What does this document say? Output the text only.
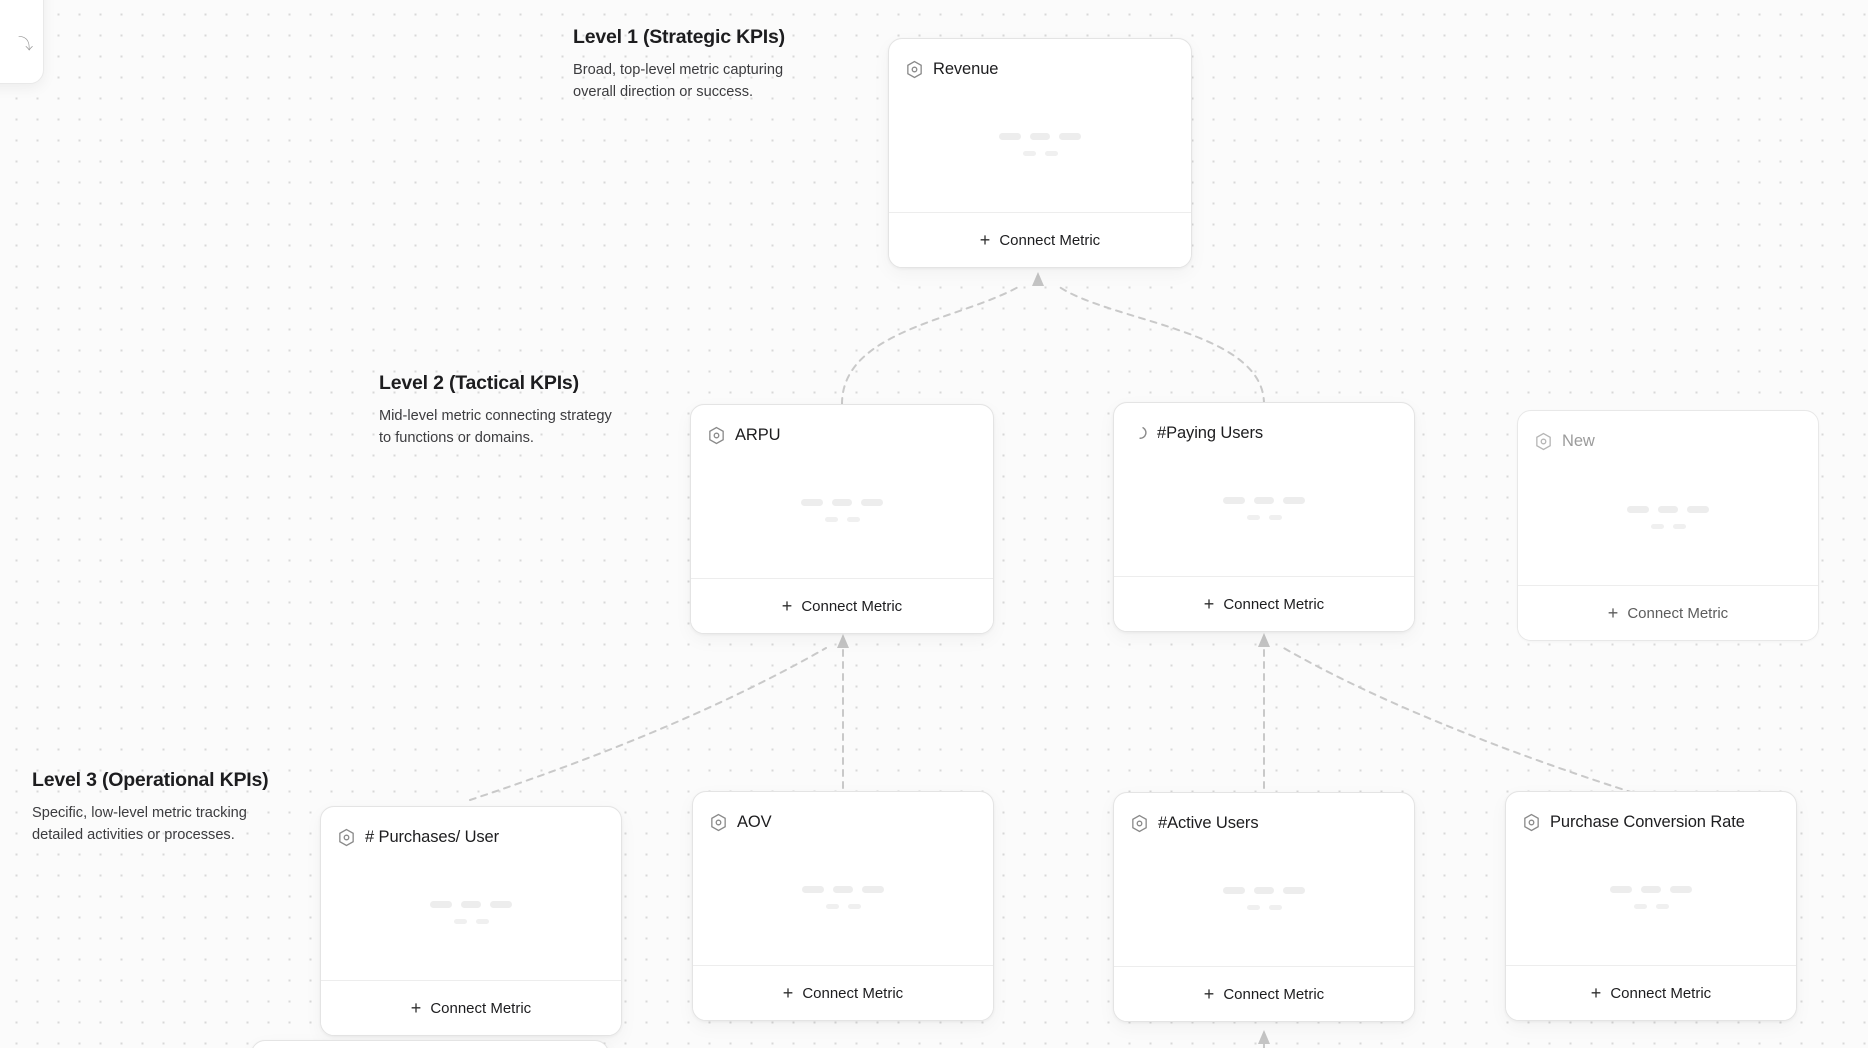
⤵	Level 1 (Strategic KPIs)
Broad, top-level metric capturing overall direction or success.
Level 2 (Tactical KPIs)
Mid-level metric connecting strategy to functions or domains.
Level 3 (Operational KPIs)
Specific, low-level metric tracking detailed activities or processes.
Revenue
+ Connect Metric
ARPU
+ Connect Metric
#Paying Users
+ Connect Metric
New
+ Connect Metric
# Purchases/ User
+ Connect Metric
AOV
+ Connect Metric
#Active Users
+ Connect Metric
Purchase Conversion Rate
+ Connect Metric
